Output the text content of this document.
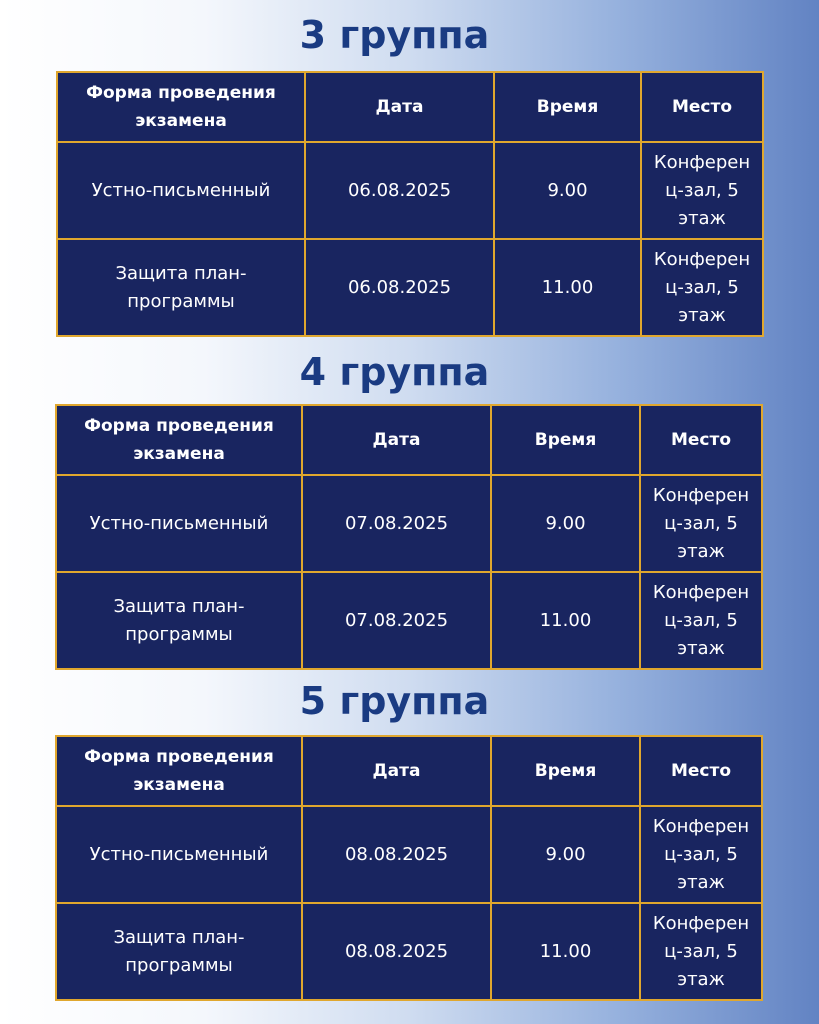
3 группа
Форма проведения экзамена	Дата	Время	Место
Устно-письменный	06.08.2025	9.00	Конферен ц-зал, 5 этаж
Защита план-программы	06.08.2025	11.00	Конферен ц-зал, 5 этаж
4 группа
Форма проведения экзамена	Дата	Время	Место
Устно-письменный	07.08.2025	9.00	Конферен ц-зал, 5 этаж
Защита план-программы	07.08.2025	11.00	Конферен ц-зал, 5 этаж
5 группа
Форма проведения экзамена	Дата	Время	Место
Устно-письменный	08.08.2025	9.00	Конферен ц-зал, 5 этаж
Защита план-программы	08.08.2025	11.00	Конферен ц-зал, 5 этаж
